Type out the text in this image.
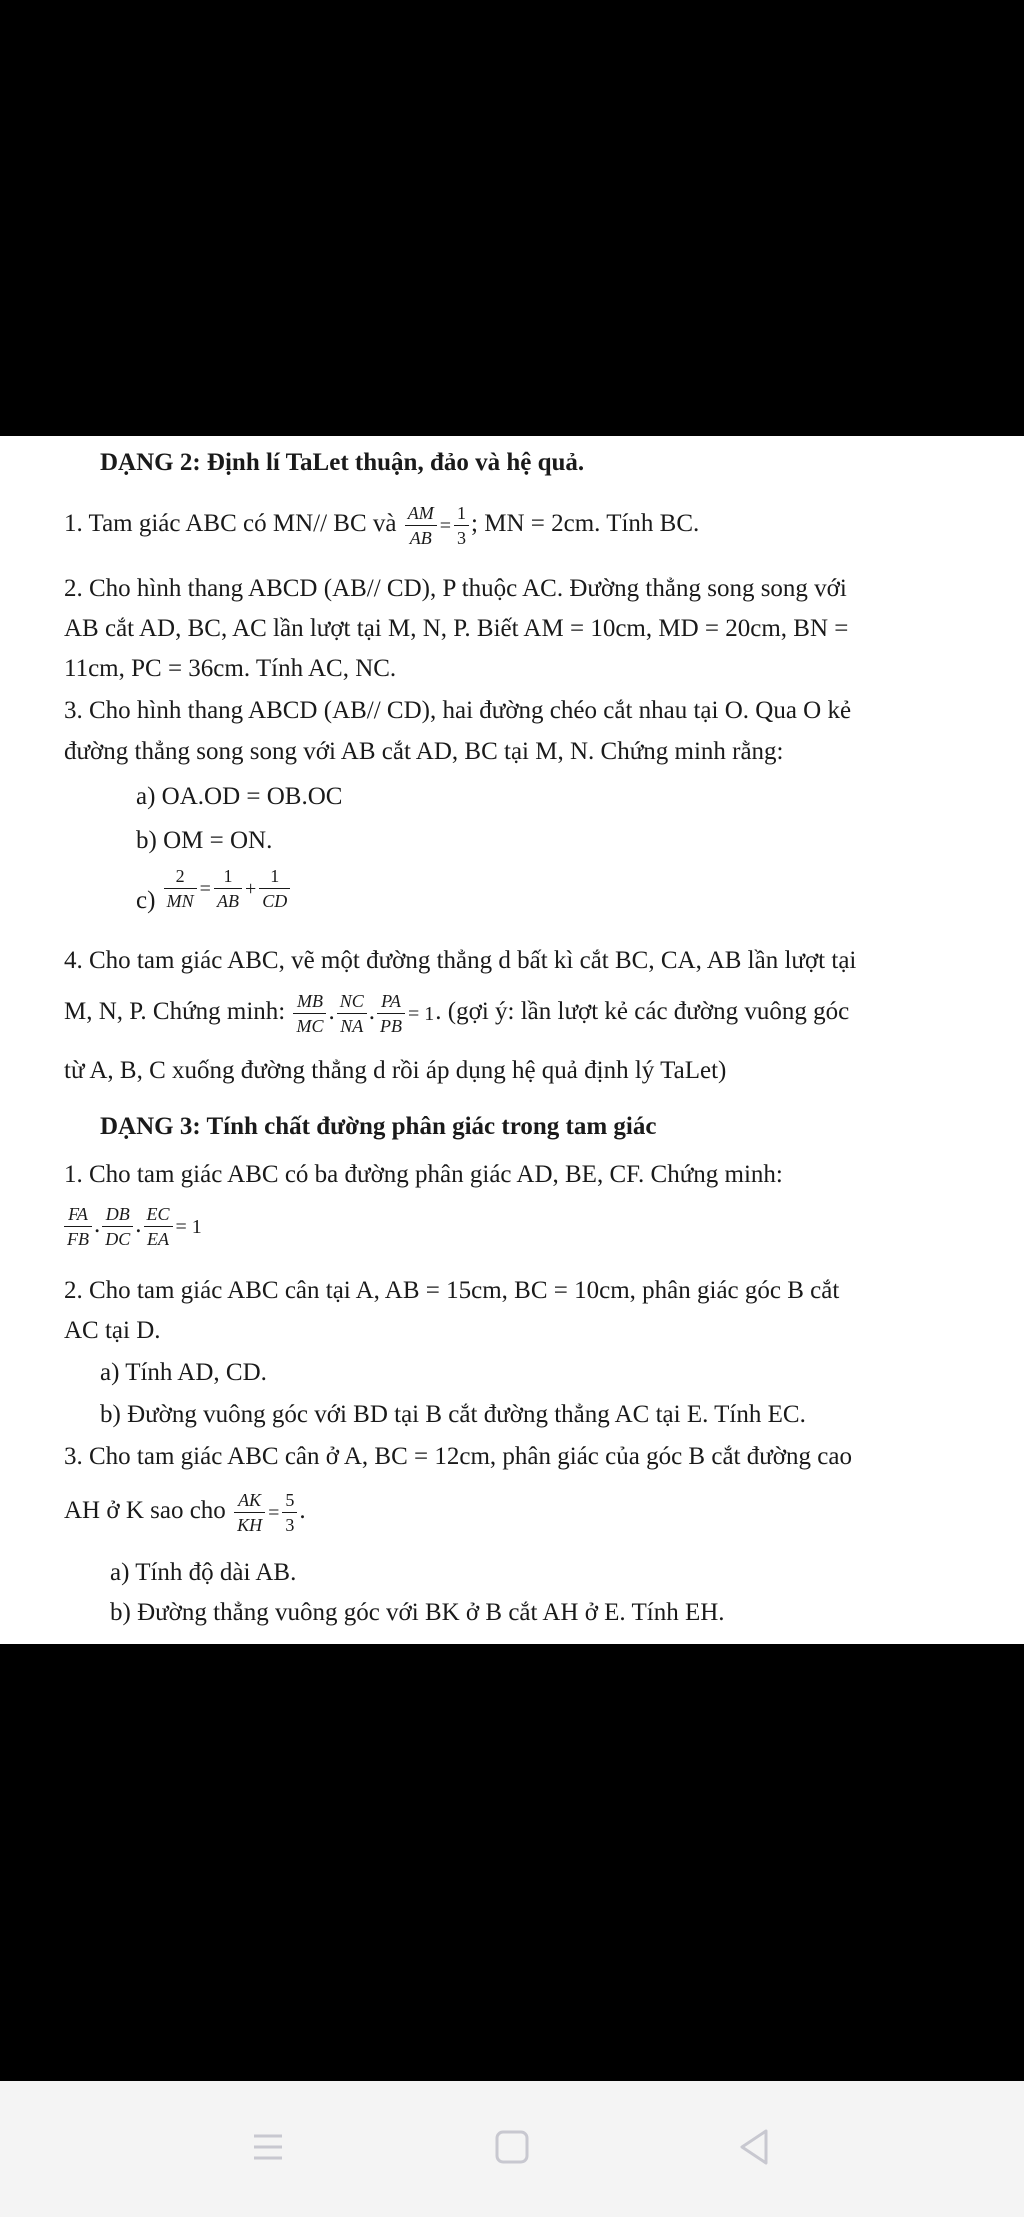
DẠNG 2: Định lí TaLet thuận, đảo và hệ quả.
1. Tam giác ABC có MN// BC và $\frac{AM}{AB} = \frac{1}{3}$ ; MN = 2cm. Tính BC.
2. Cho hình thang ABCD (AB// CD), P thuộc AC. Đường thẳng song song với
AB cắt AD, BC, AC lần lượt tại M, N, P. Biết AM = 10cm, MD = 20cm, BN =
11cm, PC = 36cm. Tính AC, NC.
3. Cho hình thang ABCD (AB// CD), hai đường chéo cắt nhau tại O. Qua O kẻ
đường thẳng song song với AB cắt AD, BC tại M, N. Chứng minh rằng:
a) OA.OD = OB.OC
b) OM = ON.
$c) \frac{2}{MN} = \frac{1}{AB} + \frac{1}{CD}$
4. Cho tam giác ABC, vẽ một đường thẳng d bất kì cắt BC, CA, AB lần lượt tại
M, N, P. Chứng minh: $\frac{MB}{MC}$ . $\frac{NC}{NA}$ . $\frac{PA}{PB} = 1$. (gợi ý: lần lượt kẻ các đường vuông góc
từ A, B, C xuống đường thẳng d rồi áp dụng hệ quả định lý TaLet)
DẠNG 3: Tính chất đường phân giác trong tam giác
1. Cho tam giác ABC có ba đường phân giác AD, BE, CF. Chứng minh:
$\frac{FA}{FB}$ . $\frac{DB}{DC}$ . $\frac{EC}{EA} = 1$
2. Cho tam giác ABC cân tại A, AB = 15cm, BC = 10cm, phân giác góc B cắt
AC tại D.
a) Tính AD, CD.
b) Đường vuông góc với BD tại B cắt đường thẳng AC tại E. Tính EC.
3. Cho tam giác ABC cân ở A, BC = 12cm, phân giác của góc B cắt đường cao
AH ở K sao cho $\frac{AK}{KH} = \frac{5}{3}$ .
a) Tính độ dài AB.
b) Đường thẳng vuông góc với BK ở B cắt AH ở E. Tính EH.
